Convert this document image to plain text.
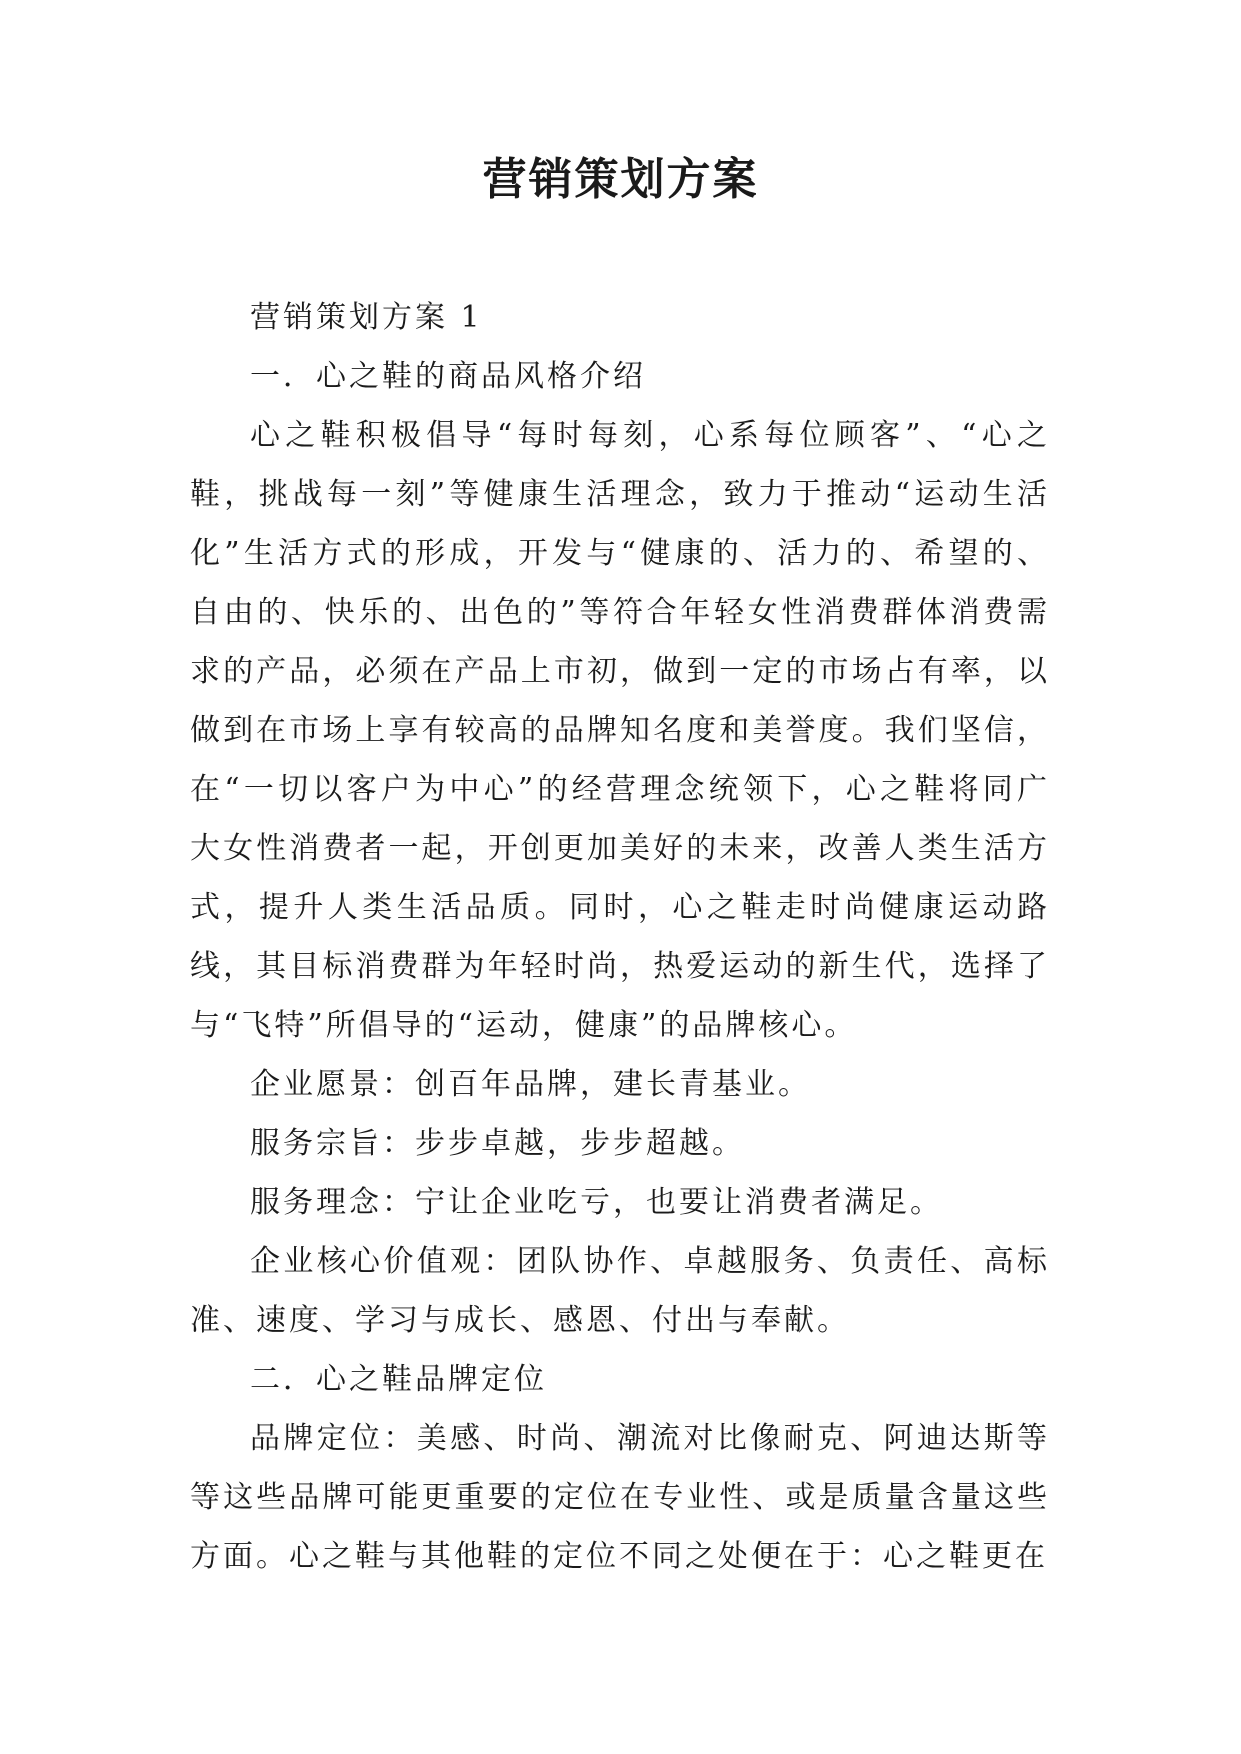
营销策划方案

营销策划方案 1

一．心之鞋的商品风格介绍

心之鞋积极倡导“每时每刻，心系每位顾客”、“心之鞋，挑战每一刻”等健康生活理念，致力于推动“运动生活化”生活方式的形成，开发与“健康的、活力的、希望的、自由的、快乐的、出色的”等符合年轻女性消费群体消费需求的产品，必须在产品上市初，做到一定的市场占有率，以做到在市场上享有较高的品牌知名度和美誉度。我们坚信，在“一切以客户为中心”的经营理念统领下，心之鞋将同广大女性消费者一起，开创更加美好的未来，改善人类生活方式，提升人类生活品质。同时，心之鞋走时尚健康运动路线，其目标消费群为年轻时尚，热爱运动的新生代，选择了与“飞特”所倡导的“运动，健康”的品牌核心。

企业愿景：创百年品牌，建长青基业。

服务宗旨：步步卓越，步步超越。

服务理念：宁让企业吃亏，也要让消费者满足。

企业核心价值观：团队协作、卓越服务、负责任、高标准、速度、学习与成长、感恩、付出与奉献。

二．心之鞋品牌定位

品牌定位：美感、时尚、潮流对比像耐克、阿迪达斯等等这些品牌可能更重要的定位在专业性、或是质量含量这些方面。心之鞋与其他鞋的定位不同之处便在于：心之鞋更在
